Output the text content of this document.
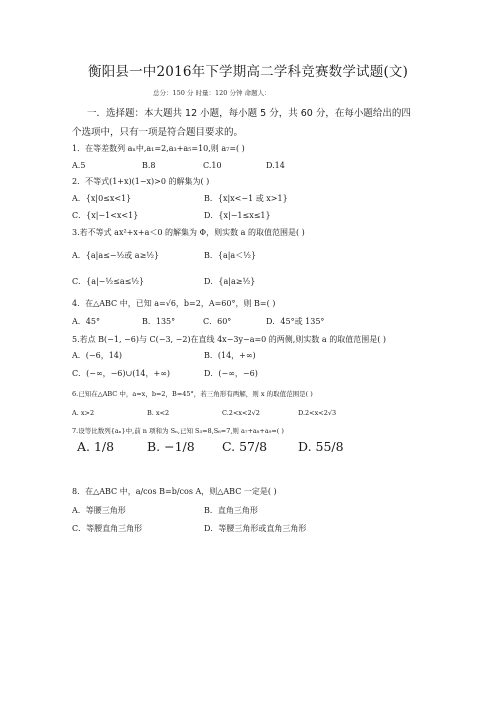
衡阳县一中2016年下学期高二学科竞赛数学试题(文)
总分：150 分 时量：120 分钟 命题人：
一．选择题：本大题共 12 小题，每小题 5 分，共 60 分，在每小题给出的四
个选项中，只有一项是符合题目要求的。
1．在等差数列 aₙ中,a₁=2,a₃+a₅=10,则 a₇=( )
A.5	B.8	C.10	D.14
2．不等式(1+x)(1−x)>0 的解集为( )
A．{x|0≤x<1}	B．{x|x<−1 或 x>1}
C．{x|−1<x<1}	D．{x|−1≤x≤1}
3.若不等式 ax²+x+a＜0 的解集为 Φ，则实数 a 的取值范围是( )
A．{a|a≤−½或 a≥½}	B．{a|a＜½}
C．{a|−½≤a≤½}	D．{a|a≥½}
4．在△ABC 中，已知 a=√6，b=2，A=60°，则 B=( )
A．45°	B．135°	C．60°	D．45°或 135°
5.若点 B(−1, −6)与 C(−3, −2)在直线 4x−3y−a=0 的两侧,则实数 a 的取值范围是( )
A．(−6，14)	B．(14，+∞)
C．(−∞，−6)∪(14，+∞)	D．(−∞，−6)
6.已知在△ABC 中，a=x，b=2，B=45°，若三角形有两解，则 x 的取值范围是( )
A. x>2	B. x<2	C.2<x<2√2	D.2<x<2√3
7.设等比数列{aₙ}中,前 n 项和为 Sₙ,已知 S₃=8,S₆=7,则 a₇+a₈+a₉=( )
A. 1/8	B. −1/8 C. 57/8 D. 55/8
8．在△ABC 中，a/cos B=b/cos A，则△ABC 一定是( )
A．等腰三角形	B．直角三角形
C．等腰直角三角形	D．等腰三角形或直角三角形
